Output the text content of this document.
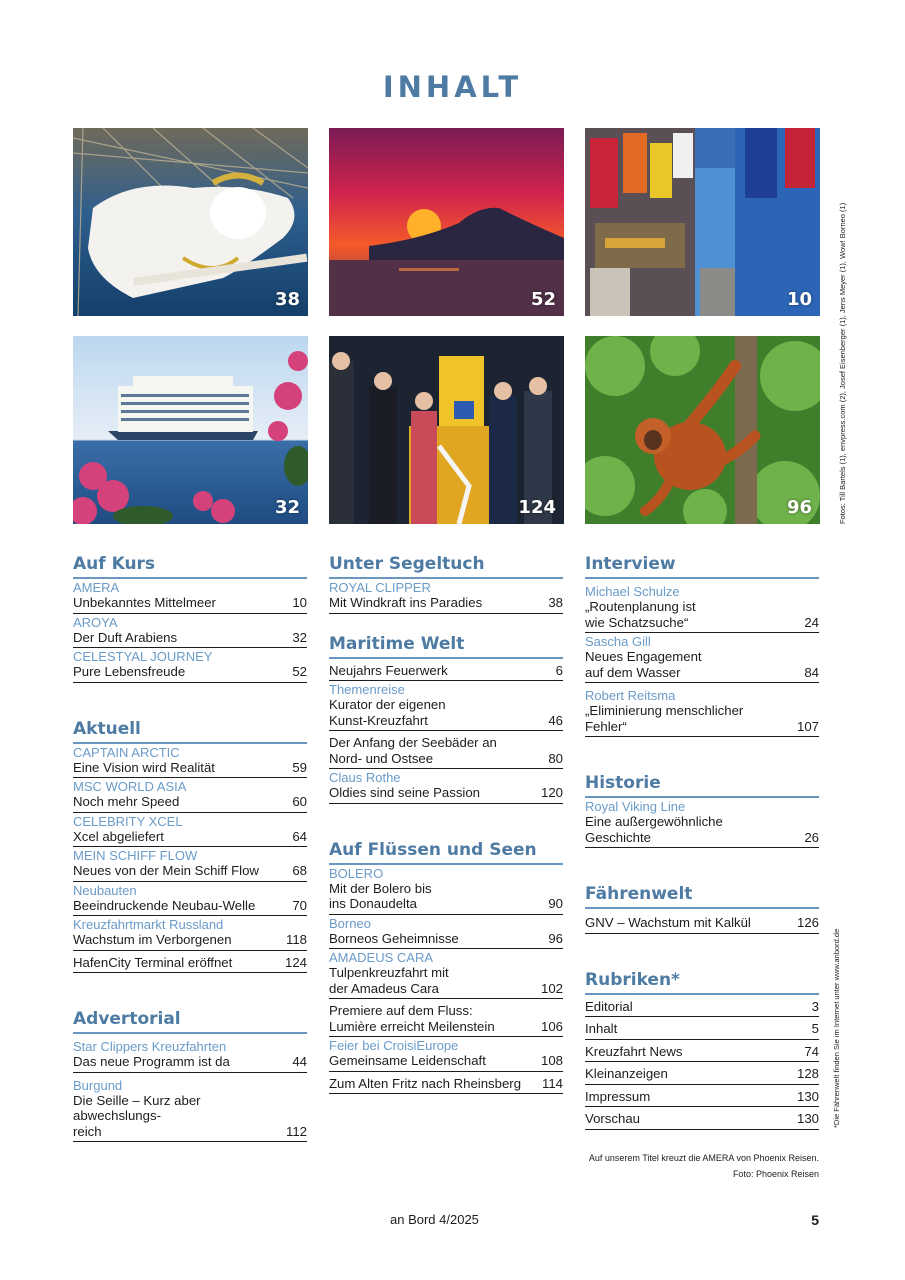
INHALT
38	52	10
32	124	96	Fotos: Till Bartels (1), envpress.com (2), Josef Eisenberger (1), Jens Meyer (1), Wow! Borneo (1)
*Die Fährenwelt finden Sie im Internet unter www.anbord.de
Auf Kurs
AMERA
Unbekanntes Mittelmeer	10
AROYA
Der Duft Arabiens	32
CELESTYAL JOURNEY
Pure Lebensfreude	52
Aktuell
CAPTAIN ARCTIC
Eine Vision wird Realität	59
MSC WORLD ASIA
Noch mehr Speed	60
CELEBRITY XCEL
Xcel abgeliefert	64
MEIN SCHIFF FLOW
Neues von der Mein Schiff Flow	68
Neubauten
Beeindruckende Neubau-Welle	70
Kreuzfahrtmarkt Russland
Wachstum im Verborgenen	118
HafenCity Terminal eröffnet	124
Advertorial
Star Clippers Kreuzfahrten
Das neue Programm ist da	44
Burgund
Die Seille – Kurz aber abwechslungs-
reich	112
Unter Segeltuch
ROYAL CLIPPER
Mit Windkraft ins Paradies	38
Maritime Welt
Neujahrs Feuerwerk	6
Themenreise
Kurator der eigenen
Kunst-Kreuzfahrt	46
Der Anfang der Seebäder an
Nord- und Ostsee	80
Claus Rothe
Oldies sind seine Passion	120
Auf Flüssen und Seen
BOLERO
Mit der Bolero bis
ins Donaudelta	90
Borneo
Borneos Geheimnisse	96
AMADEUS CARA
Tulpenkreuzfahrt mit
der Amadeus Cara	102
Premiere auf dem Fluss:
Lumière erreicht Meilenstein	106
Feier bei CroisiEurope
Gemeinsame Leidenschaft	108
Zum Alten Fritz nach Rheinsberg	114
Interview
Michael Schulze
„Routenplanung ist
wie Schatzsuche“	24
Sascha Gill
Neues Engagement
auf dem Wasser	84
Robert Reitsma
„Eliminierung menschlicher
Fehler“	107
Historie
Royal Viking Line
Eine außergewöhnliche
Geschichte	26
Fährenwelt
GNV – Wachstum mit Kalkül	126
Rubriken*
Editorial	3
Inhalt	5
Kreuzfahrt News	74
Kleinanzeigen	128
Impressum	130
Vorschau	130
Auf unserem Titel kreuzt die AMERA von Phoenix Reisen.
Foto: Phoenix Reisen
an Bord 4/2025	5
